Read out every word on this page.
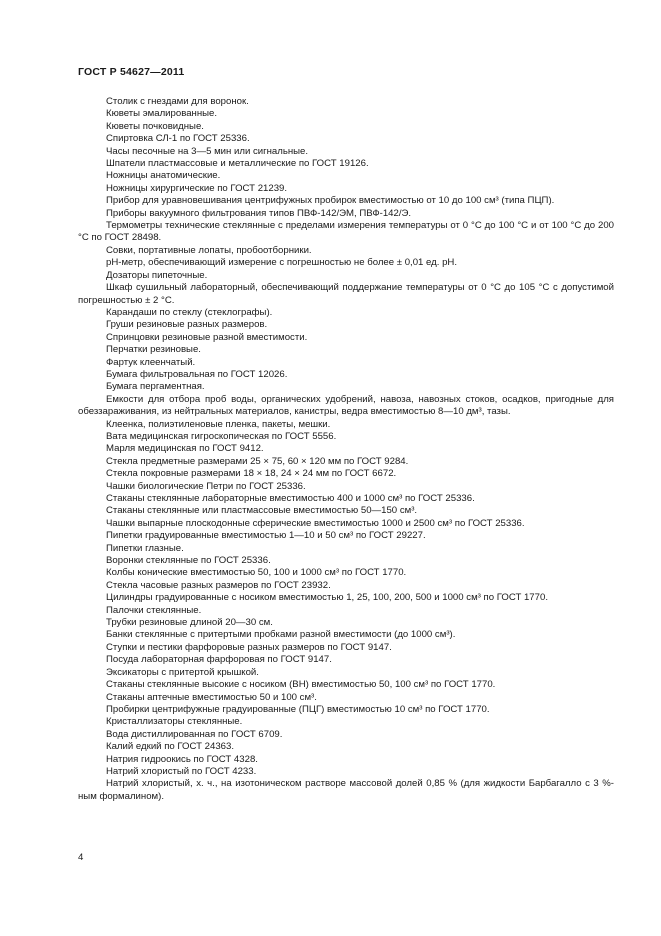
ГОСТ Р 54627—2011

Столик с гнездами для воронок.

Кюветы эмалированные.

Кюветы почковидные.

Спиртовка СЛ-1 по ГОСТ 25336.

Часы песочные на 3—5 мин или сигнальные.

Шпатели пластмассовые и металлические по ГОСТ 19126.

Ножницы анатомические.

Ножницы хирургические по ГОСТ 21239.

Прибор для уравновешивания центрифужных пробирок вместимостью от 10 до 100 см³ (типа ПЦП).

Приборы вакуумного фильтрования типов ПВФ-142/ЭМ, ПВФ-142/Э.

Термометры технические стеклянные с пределами измерения температуры от 0 °С до 100 °С и от 100 °С до 200 °С по ГОСТ 28498.

Совки, портативные лопаты, пробоотборники.

pH-метр, обеспечивающий измерение с погрешностью не более ± 0,01 ед. pH.

Дозаторы пипеточные.

Шкаф сушильный лабораторный, обеспечивающий поддержание температуры от 0 °С до 105 °С с допустимой погрешностью ± 2 °С.

Карандаши по стеклу (стеклографы).

Груши резиновые разных размеров.

Спринцовки резиновые разной вместимости.

Перчатки резиновые.

Фартук клеенчатый.

Бумага фильтровальная по ГОСТ 12026.

Бумага пергаментная.

Емкости для отбора проб воды, органических удобрений, навоза, навозных стоков, осадков, пригодные для обеззараживания, из нейтральных материалов, канистры, ведра вместимостью 8—10 дм³, тазы.

Клеенка, полиэтиленовые пленка, пакеты, мешки.

Вата медицинская гигроскопическая по ГОСТ 5556.

Марля медицинская по ГОСТ 9412.

Стекла предметные размерами 25 × 75, 60 × 120 мм по ГОСТ 9284.

Стекла покровные размерами 18 × 18, 24 × 24 мм по ГОСТ 6672.

Чашки биологические Петри по ГОСТ 25336.

Стаканы стеклянные лабораторные вместимостью 400 и 1000 см³ по ГОСТ 25336.

Стаканы стеклянные или пластмассовые вместимостью 50—150 см³.

Чашки выпарные плоскодонные сферические вместимостью 1000 и 2500 см³ по ГОСТ 25336.

Пипетки градуированные вместимостью 1—10 и 50 см³ по ГОСТ 29227.

Пипетки глазные.

Воронки стеклянные по ГОСТ 25336.

Колбы конические вместимостью 50, 100 и 1000 см³ по ГОСТ 1770.

Стекла часовые разных размеров по ГОСТ 23932.

Цилиндры градуированные с носиком вместимостью 1, 25, 100, 200, 500 и 1000 см³ по ГОСТ 1770.

Палочки стеклянные.

Трубки резиновые длиной 20—30 см.

Банки стеклянные с притертыми пробками разной вместимости (до 1000 см³).

Ступки и пестики фарфоровые разных размеров по ГОСТ 9147.

Посуда лабораторная фарфоровая по ГОСТ 9147.

Эксикаторы с притертой крышкой.

Стаканы стеклянные высокие с носиком (ВН) вместимостью 50, 100 см³ по ГОСТ 1770.

Стаканы аптечные вместимостью 50 и 100 см³.

Пробирки центрифужные градуированные (ПЦГ) вместимостью 10 см³ по ГОСТ 1770.

Кристаллизаторы стеклянные.

Вода дистиллированная по ГОСТ 6709.

Калий едкий по ГОСТ 24363.

Натрия гидроокись по ГОСТ 4328.

Натрий хлористый по ГОСТ 4233.

Натрий хлористый, х. ч., на изотоническом растворе массовой долей 0,85 % (для жидкости Барбагалло с 3 %-ным формалином).

4
